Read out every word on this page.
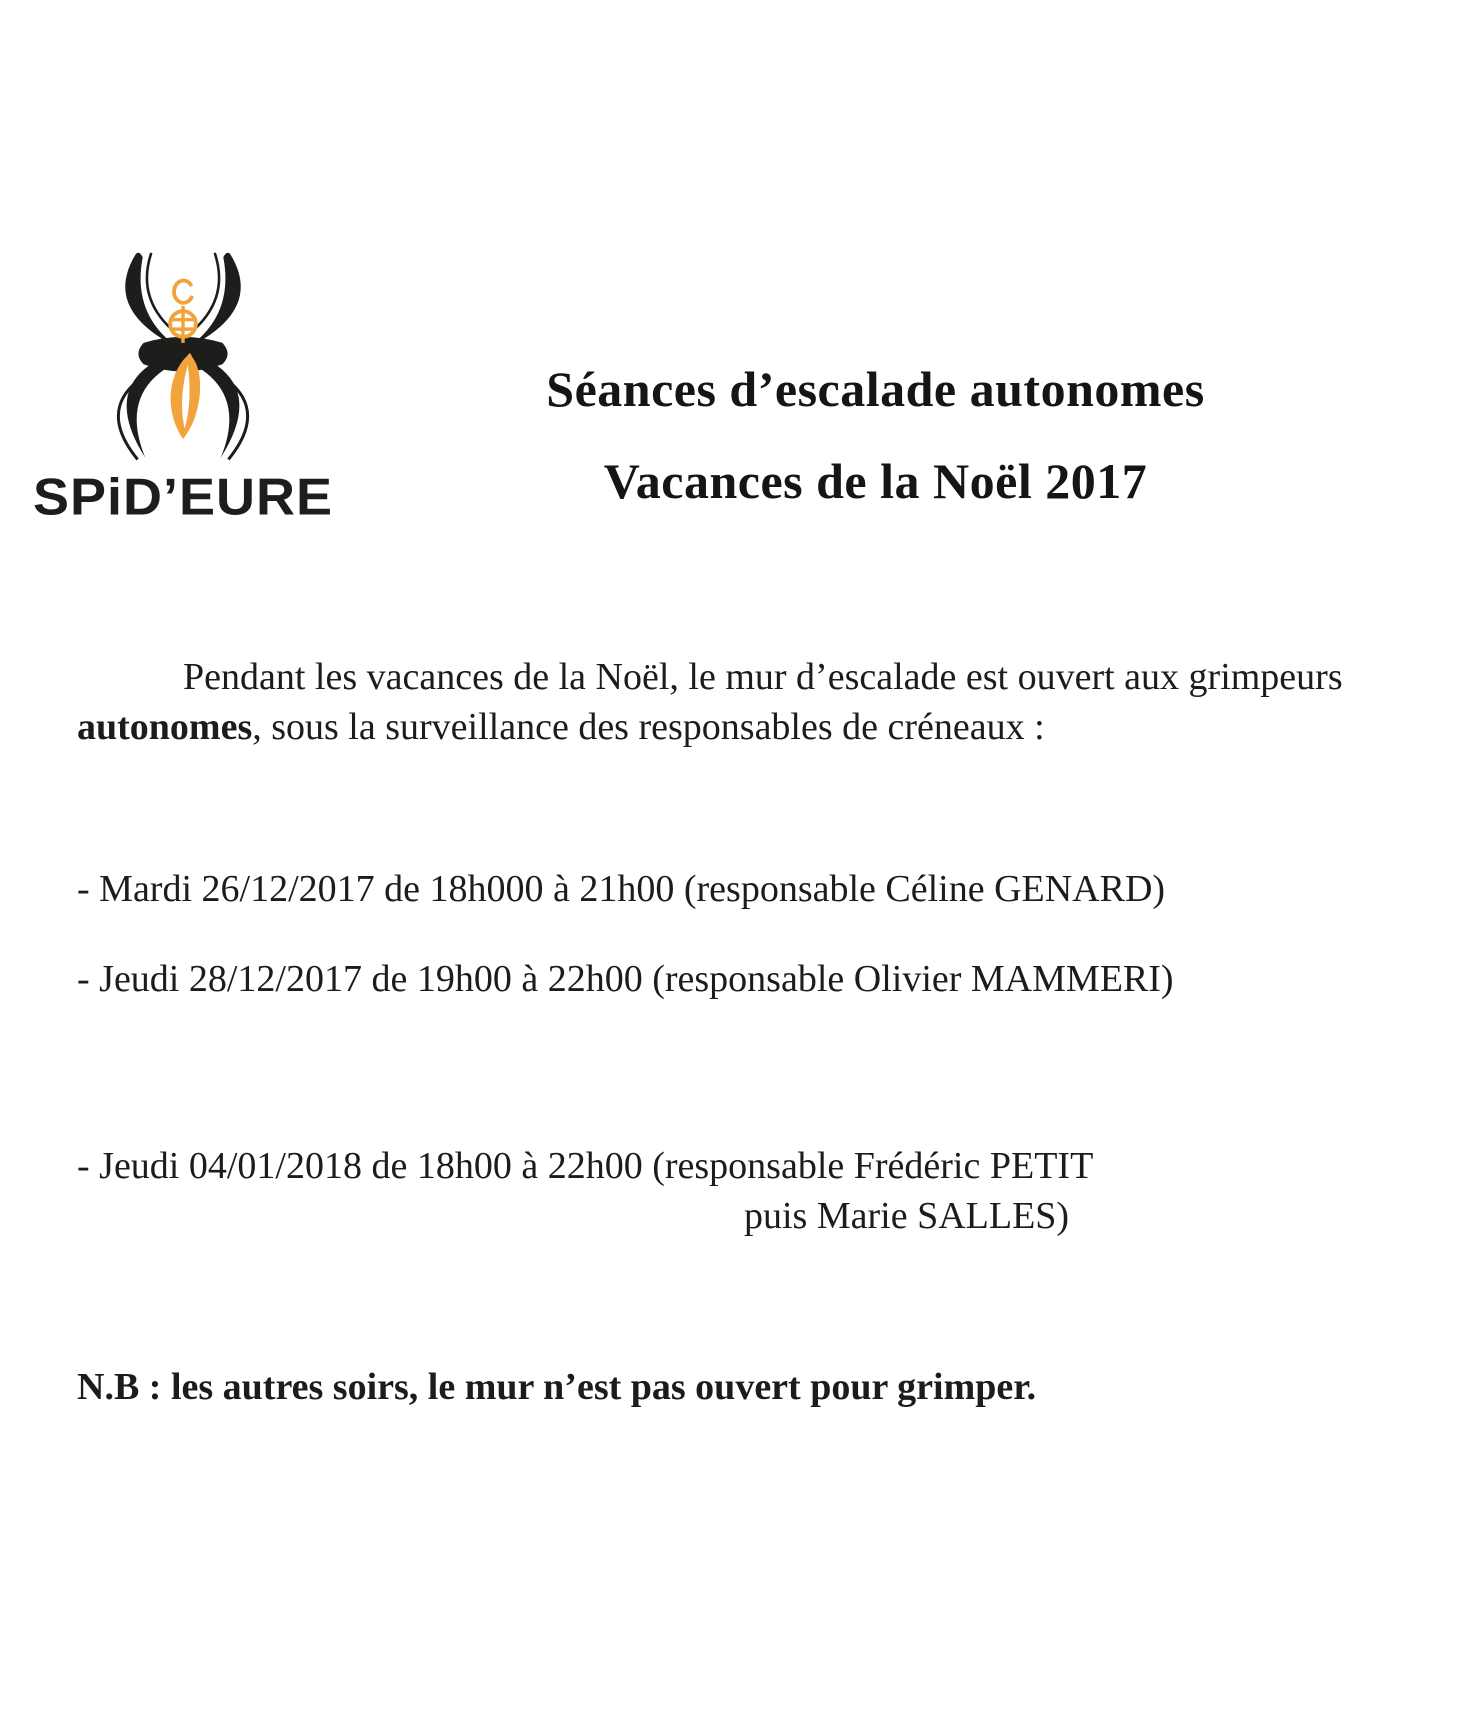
SPiD’EURE
Séances d’escalade autonomes
Vacances de la Noël 2017

Pendant les vacances de la Noël, le mur d’escalade est ouvert aux grimpeurs autonomes, sous la surveillance des responsables de créneaux :

- Mardi 26/12/2017 de 18h000 à 21h00 (responsable Céline GENARD)
- Jeudi 28/12/2017 de 19h00 à 22h00 (responsable Olivier MAMMERI)
- Jeudi 04/01/2018 de 18h00 à 22h00 (responsable Frédéric PETIT
puis Marie SALLES)
N.B : les autres soirs, le mur n’est pas ouvert pour grimper.
